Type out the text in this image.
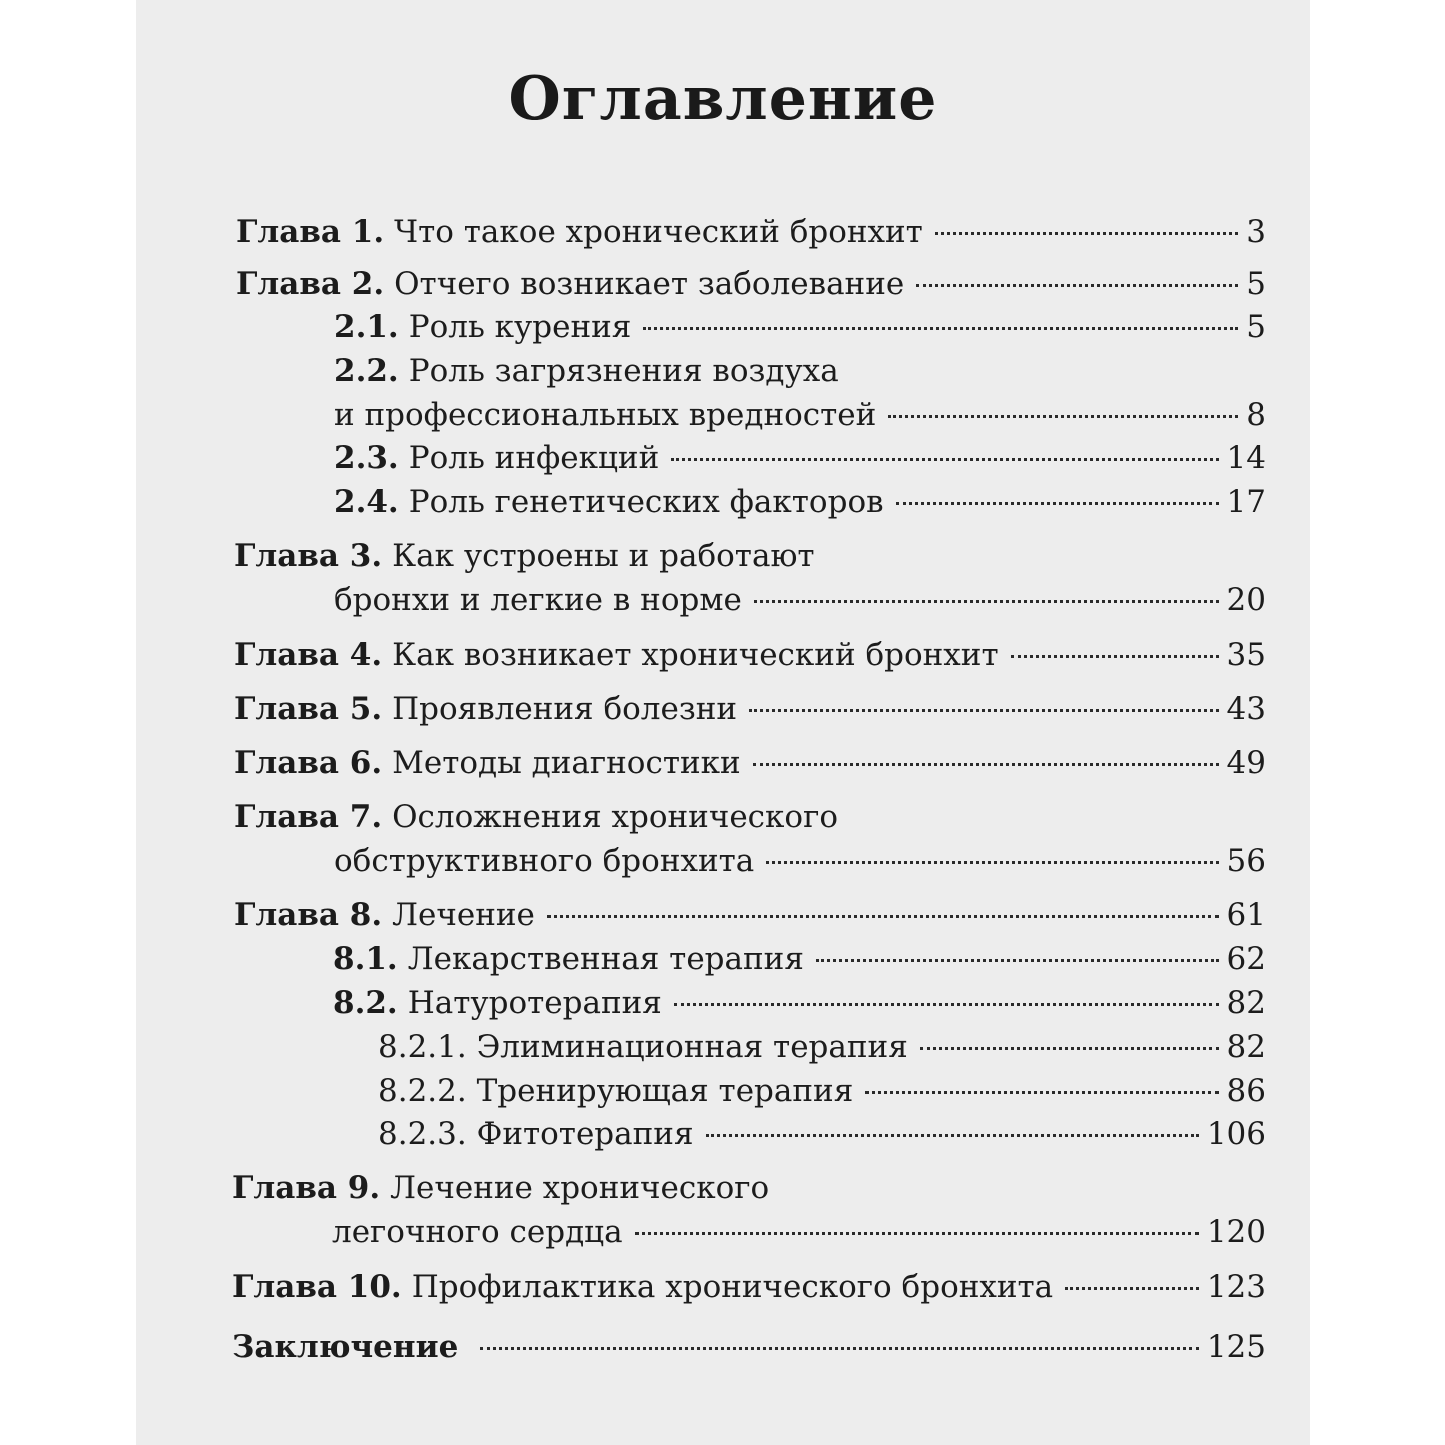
Оглавление
Глава 1. Что такое хронический бронхит	3
Глава 2. Отчего возникает заболевание	5
2.1. Роль курения	5
2.2. Роль загрязнения воздуха
и профессиональных вредностей	8
2.3. Роль инфекций	14
2.4. Роль генетических факторов	17
Глава 3. Как устроены и работают
бронхи и легкие в норме	20
Глава 4. Как возникает хронический бронхит	35
Глава 5. Проявления болезни	43
Глава 6. Методы диагностики	49
Глава 7. Осложнения хронического
обструктивного бронхита	56
Глава 8. Лечение	61
8.1. Лекарственная терапия	62
8.2. Натуротерапия	82
8.2.1. Элиминационная терапия	82
8.2.2. Тренирующая терапия	86
8.2.3. Фитотерапия	106
Глава 9. Лечение хронического
легочного сердца	120
Глава 10. Профилактика хронического бронхита	123
Заключение	125
